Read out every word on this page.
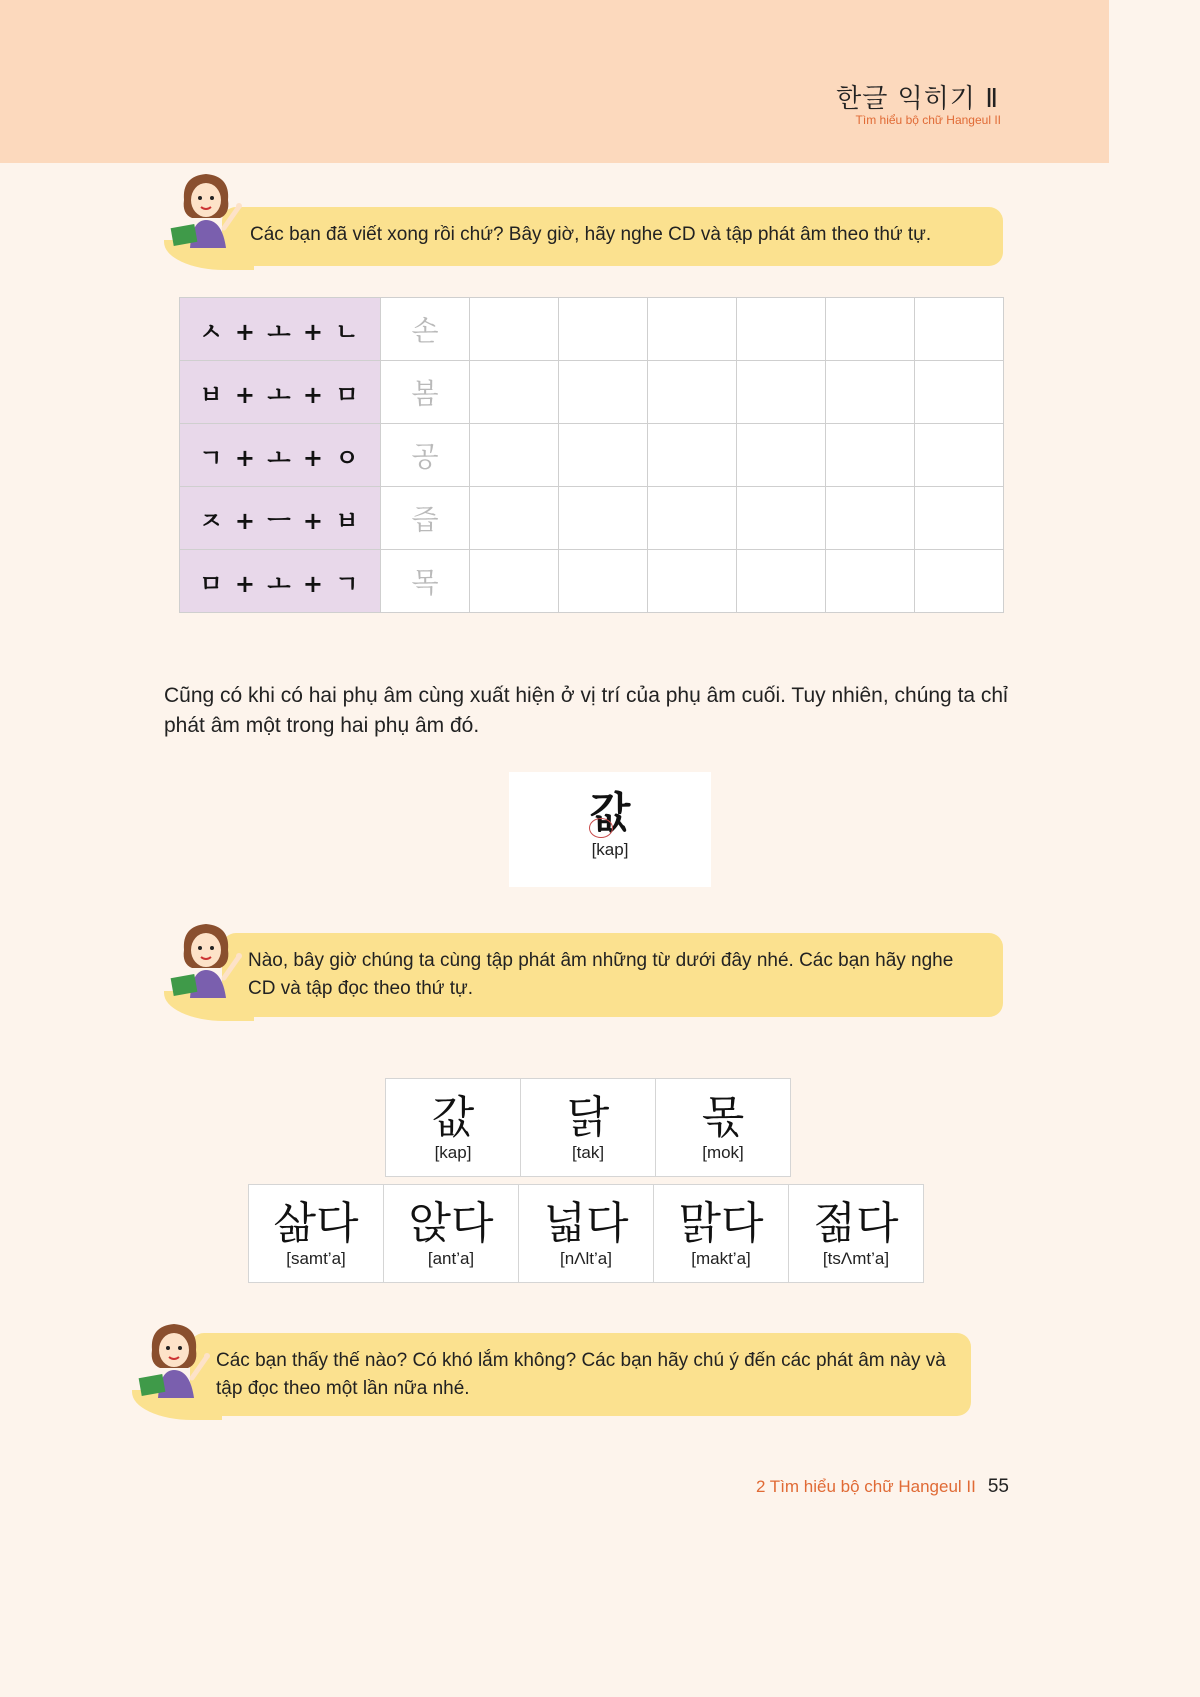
한글 익히기 Ⅱ
Tìm hiểu bộ chữ Hangeul II
Các bạn đã viết xong rồi chứ? Bây giờ, hãy nghe CD và tập phát âm theo thứ tự.
ㅅ + ㅗ + ㄴ	손						
ㅂ + ㅗ + ㅁ	봄						
ㄱ + ㅗ + ㅇ	공						
ㅈ + ㅡ + ㅂ	즙						
ㅁ + ㅗ + ㄱ	목						
Cũng có khi có hai phụ âm cùng xuất hiện ở vị trí của phụ âm cuối. Tuy nhiên, chúng ta chỉ phát âm một trong hai phụ âm đó.
값
[kap]
Nào, bây giờ chúng ta cùng tập phát âm những từ dưới đây nhé. Các bạn hãy nghe CD và tập đọc theo thứ tự.
값
[kap]
닭
[tak]
몫
[mok]
삶다
[samt’a]
앉다
[ant’a]
넓다
[nΛlt’a]
맑다
[makt’a]
젊다
[tsΛmt’a]
Các bạn thấy thế nào? Có khó lắm không? Các bạn hãy chú ý đến các phát âm này và tập đọc theo một lần nữa nhé.
2 Tìm hiểu bộ chữ Hangeul II 55
